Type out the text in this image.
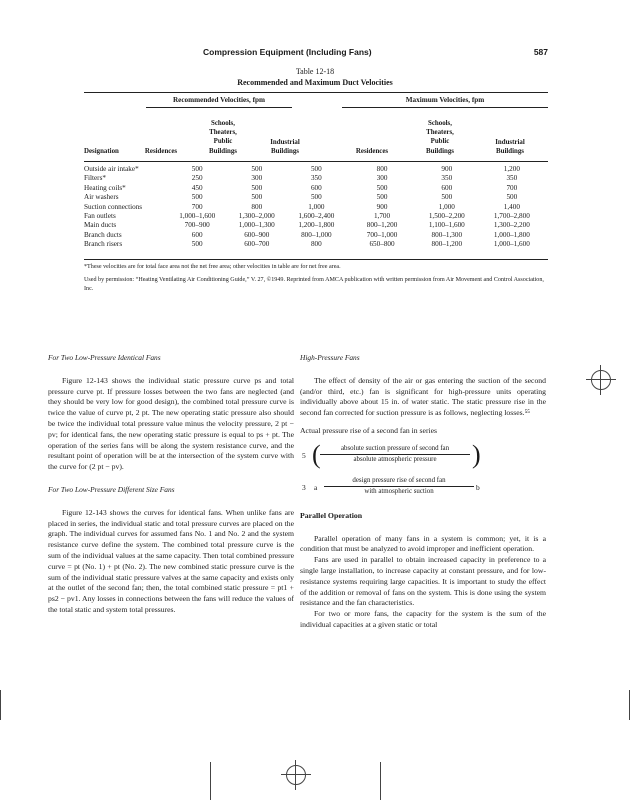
Compression Equipment (Including Fans)	587
Table 12-18
Recommended and Maximum Duct Velocities
Recommended Velocities, fpm	Maximum Velocities, fpm
Designation	Residences
Schools,
Theaters,
Public
Buildings
Industrial
Buildings	Residences
Schools,
Theaters,
Public
Buildings
Industrial
Buildings
Outside air intake*	500	500	500	800	900	1,200
Filters*	250	300	350	300	350	350
Heating coils*	450	500	600	500	600	700
Air washers	500	500	500	500	500	500
Suction connections	700	800	1,000	900	1,000	1,400
Fan outlets	1,000–1,600	1,300–2,000	1,600–2,400	1,700	1,500–2,200	1,700–2,800
Main ducts	700–900	1,000–1,300	1,200–1,800	800–1,200	1,100–1,600	1,300–2,200
Branch ducts	600	600–900	800–1,000	700–1,000	800–1,300	1,000–1,800
Branch risers	500	600–700	800	650–800	800–1,200	1,000–1,600
*These velocities are for total face area not the net free area; other velocities in table are for net free area.
Used by permission: “Heating Ventilating Air Conditioning Guide,” V. 27, ©1949. Reprinted from AMCA publication with written permission from Air Movement and Control Association, Inc.

For Two Low-Pressure Identical Fans

Figure 12-143 shows the individual static pressure curve ps and total pressure curve pt. If pressure losses between the two fans are neglected (and they should be very low for good design), the combined total pressure curve is twice the value of curve pt, 2 pt. The new operating static pressure also should be twice the individual total pressure value minus the velocity pressure, 2 pt − pv; for identical fans, the new operating static pressure is equal to ps + pt. The operation of the series fans will be along the system resistance curve, and the resultant point of operation will be at the intersection of the system curve with the curve for (2 pt − pv).

For Two Low-Pressure Different Size Fans

Figure 12-143 shows the curves for identical fans. When unlike fans are placed in series, the individual static and total pressure curves are placed on the graph. The individual curves for assumed fans No. 1 and No. 2 and the system resistance curve define the system. The combined total pressure curve is the sum of the individual values at the same capacity. Then total combined pressure curve = pt (No. 1) + pt (No. 2). The new combined static pressure curve is the sum of the individual static pressure valves at the same capacity and exists only at the outlet of the second fan; then, the total combined static pressure = pt1 + ps2 − pv1. Any losses in connections between the fans will reduce the values of the total static and system total pressures.

High-Pressure Fans

The effect of density of the air or gas entering the suction of the second (and/or third, etc.) fan is significant for high-pressure units operating individually above about 15 in. of water static. The static pressure rise in the second fan corrected for suction pressure is as follows, neglecting losses.⁵⁵

Actual pressure rise of a second fan in series

5 (	absolute suction pressure of second fan
absolute atmospheric pressure	)
3 a
design pressure rise of second fan
with atmospheric suction	b

Parallel Operation

Parallel operation of many fans in a system is common; yet, it is a condition that must be analyzed to avoid improper and inefficient operation.

Fans are used in parallel to obtain increased capacity in preference to a single large installation, to increase capacity at constant pressure, and for low-resistance systems requiring large capacities. It is important to study the effect of the addition or removal of fans on the system. This is done using the system resistance and the fan characteristics.

For two or more fans, the capacity for the system is the sum of the individual capacities at a given static or total
